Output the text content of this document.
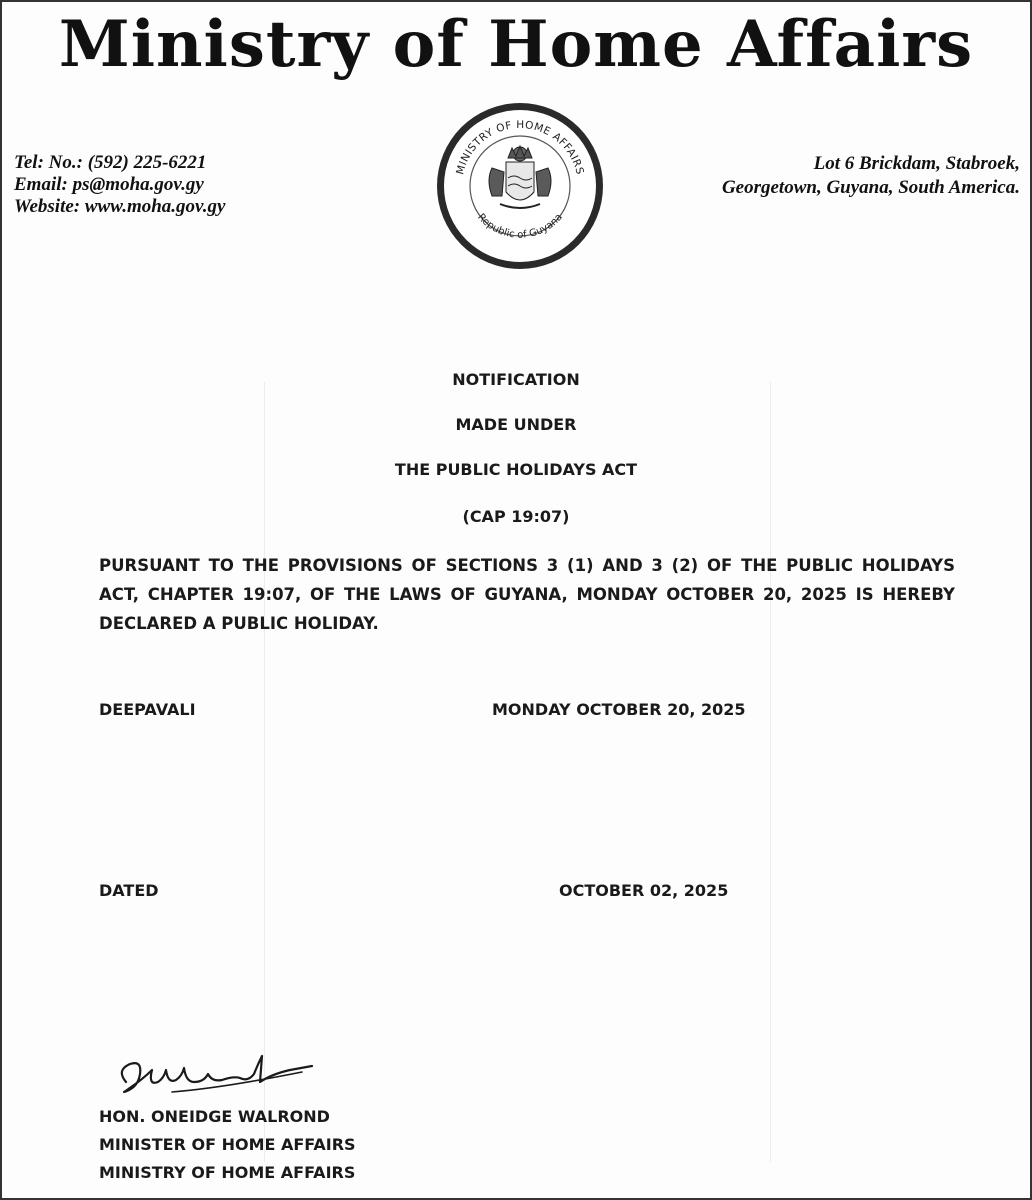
Ministry of Home Affairs
Tel: No.: (592) 225-6221
Email: ps@moha.gov.gy
Website: www.moha.gov.gy
MINISTRY OF HOME AFFAIRS
Republic of Guyana
Lot 6 Brickdam, Stabroek,
Georgetown, Guyana, South America.
NOTIFICATION
MADE UNDER
THE PUBLIC HOLIDAYS ACT
(CAP 19:07)
PURSUANT TO THE PROVISIONS OF SECTIONS 3 (1) AND 3 (2) OF THE PUBLIC HOLIDAYS ACT, CHAPTER 19:07, OF THE LAWS OF GUYANA, MONDAY OCTOBER 20, 2025 IS HEREBY DECLARED A PUBLIC HOLIDAY.
DEEPAVALI	MONDAY OCTOBER 20, 2025
DATED	OCTOBER 02, 2025
HON. ONEIDGE WALROND
MINISTER OF HOME AFFAIRS
MINISTRY OF HOME AFFAIRS
